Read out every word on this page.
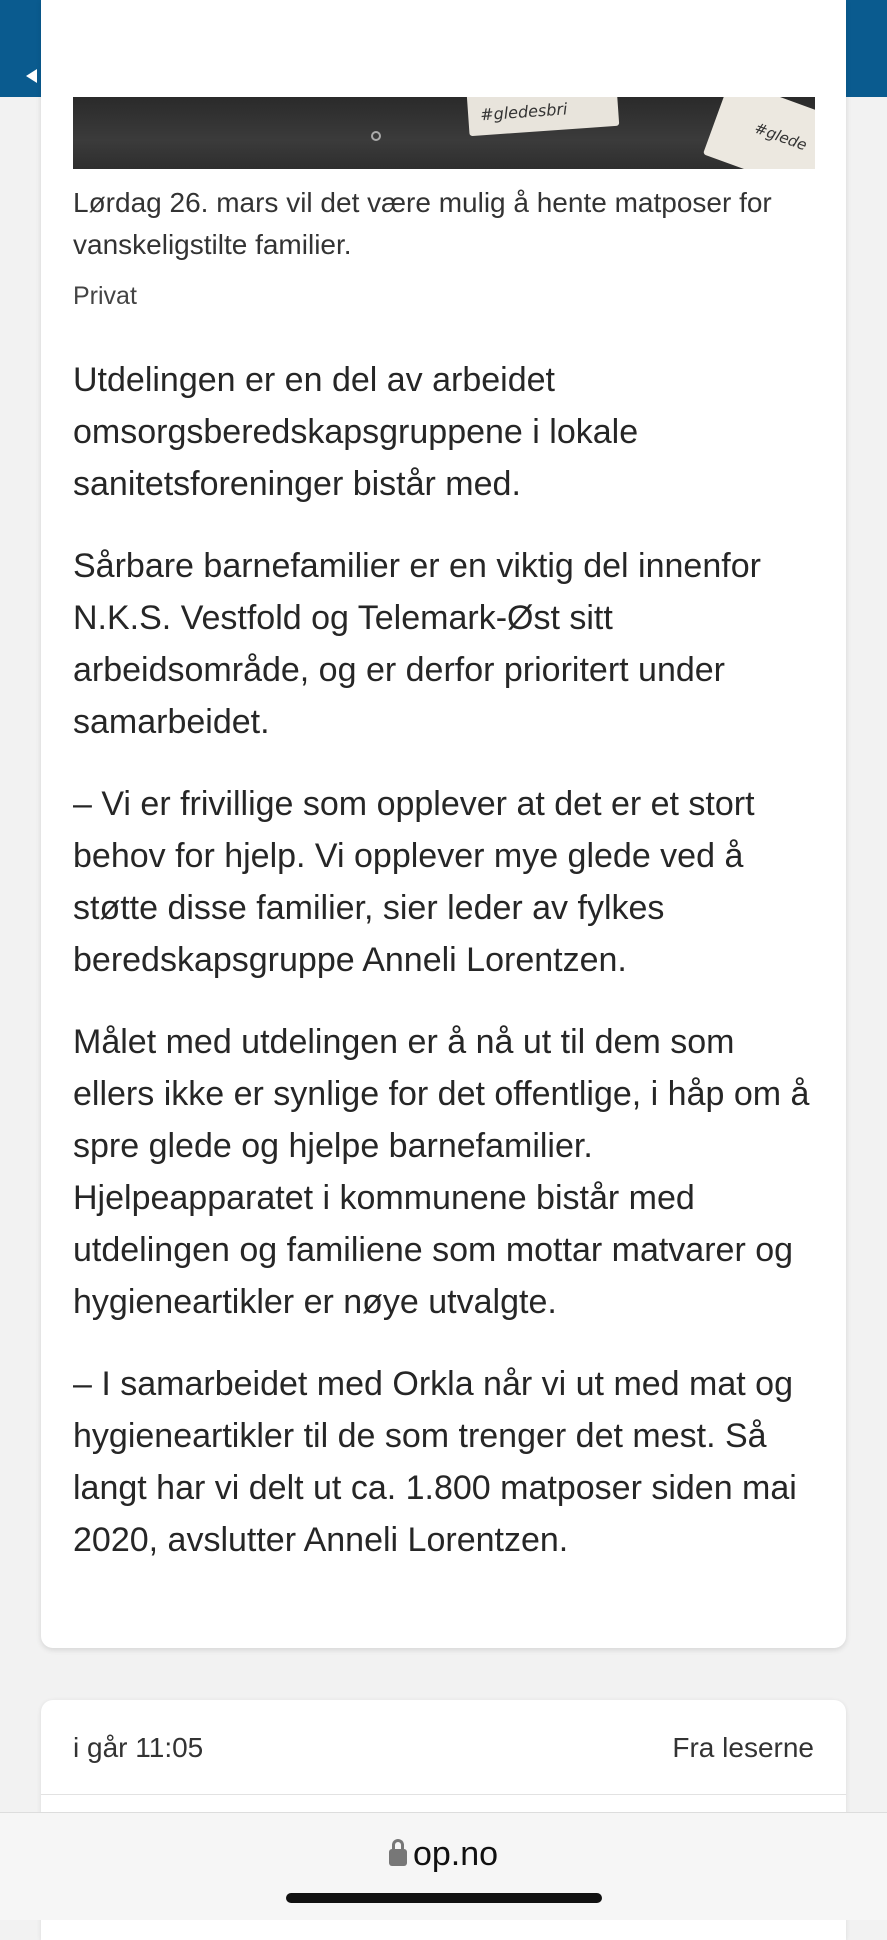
#gledesbri
#glede
Lørdag 26. mars vil det være mulig å hente matposer for vanskeligstilte familier.
Privat

Utdelingen er en del av arbeidet omsorgsberedskapsgruppene i lokale sanitetsforeninger bistår med.

Sårbare barnefamilier er en viktig del innenfor N.K.S. Vestfold og Telemark-Øst sitt arbeidsområde, og er derfor prioritert under samarbeidet.

– Vi er frivillige som opplever at det er et stort behov for hjelp. Vi opplever mye glede ved å støtte disse familier, sier leder av fylkes beredskapsgruppe Anneli Lorentzen.

Målet med utdelingen er å nå ut til dem som ellers ikke er synlige for det offentlige, i håp om å spre glede og hjelpe barnefamilier. Hjelpeapparatet i kommunene bistår med utdelingen og familiene som mottar matvarer og hygieneartikler er nøye utvalgte.

– I samarbeidet med Orkla når vi ut med mat og hygieneartikler til de som trenger det mest. Så langt har vi delt ut ca. 1.800 matposer siden mai 2020, avslutter Anneli Lorentzen.

i går 11:05	Fra leserne
op.no
